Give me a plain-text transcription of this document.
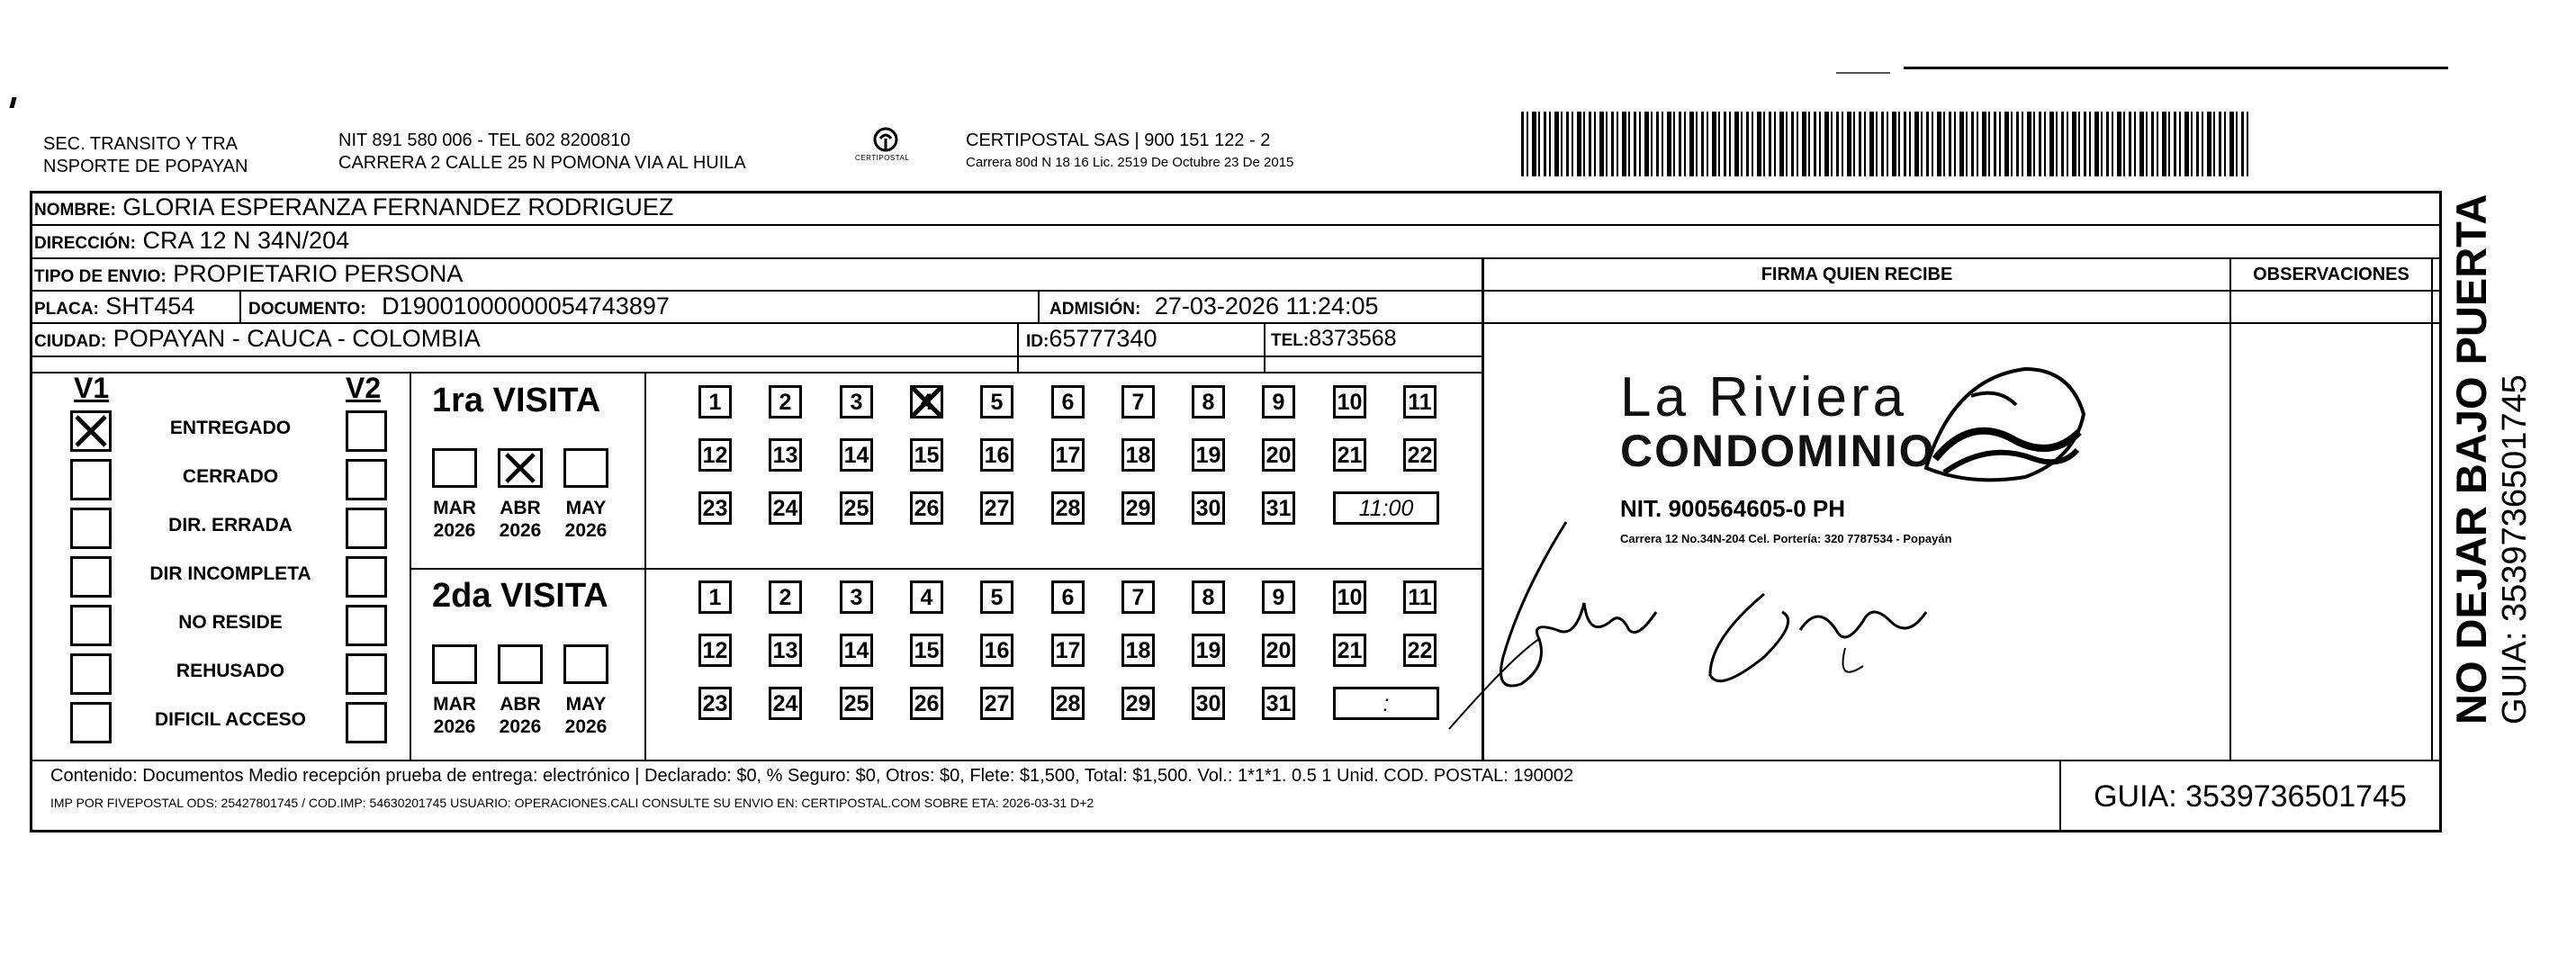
SEC. TRANSITO Y TRA
NSPORTE DE POPAYAN
NIT 891 580 006 - TEL 602 8200810
CARRERA 2 CALLE 25 N POMONA VIA AL HUILA	CERTIPOSTAL
CERTIPOSTAL SAS | 900 151 122 - 2
Carrera 80d N 18 16 Lic. 2519 De Octubre 23 De 2015
NOMBRE: GLORIA ESPERANZA FERNANDEZ RODRIGUEZ
DIRECCIÓN: CRA 12 N 34N/204
TIPO DE ENVIO: PROPIETARIO PERSONA
PLACA: SHT454	DOCUMENTO: D19001000000054743897	ADMISIÓN: 27-03-2026 11:24:05
CIUDAD: POPAYAN - CAUCA - COLOMBIA	ID:65777340	TEL:8373568
FIRMA QUIEN RECIBE	OBSERVACIONES
V1	V2
ENTREGADO
CERRADO
DIR. ERRADA
DIR INCOMPLETA
NO RESIDE
REHUSADO
DIFICIL ACCESO
1ra VISITA
MAR
2026
ABR
2026
MAY
2026
1	2	3	4	5	6	7	8	9	10 11
12 13 14 15 16 17 18 19 20 21 22
23 24 25 26 27 28 29 30 31	11:00
2da VISITA
MAR
2026
ABR
2026
MAY
2026
1	2	3	4	5	6	7	8	9	10 11
12 13 14 15 16 17 18 19 20 21 22
23 24 25 26 27 28 29 30 31	:
La Riviera
CONDOMINIO
NIT. 900564605-0 PH
Carrera 12 No.34N-204 Cel. Portería: 320 7787534 - Popayán
Contenido: Documentos Medio recepción prueba de entrega: electrónico | Declarado: $0, % Seguro: $0, Otros: $0, Flete: $1,500, Total: $1,500. Vol.: 1*1*1. 0.5 1 Unid. COD. POSTAL: 190002
IMP POR FIVEPOSTAL ODS: 25427801745 / COD.IMP: 54630201745 USUARIO: OPERACIONES.CALI CONSULTE SU ENVIO EN: CERTIPOSTAL.COM SOBRE ETA: 2026-03-31 D+2	GUIA: 3539736501745
NO DEJAR BAJO PUERTA GUIA: 3539736501745
